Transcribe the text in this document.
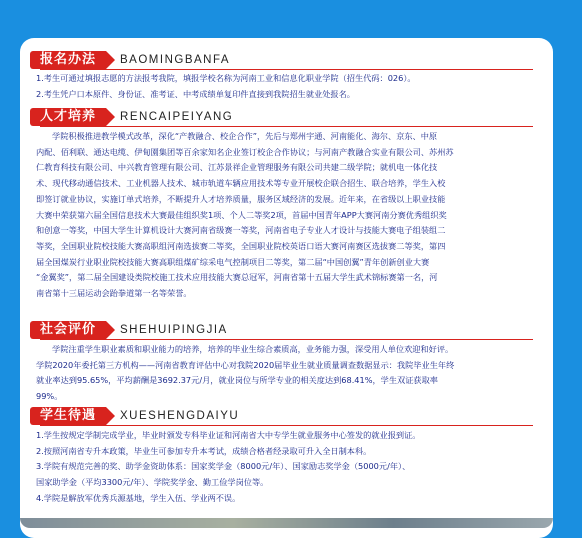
报名办法	BAOMINGBANFA
1.考生可通过填报志愿的方法报考我院，填报学校名称为河南工业和信息化职业学院（招生代码：026）。
2.考生凭户口本原件、身份证、准考证、中考成绩单复印件直接到我院招生就业处报名。
人才培养	RENCAIPEIYANG
学院积极推进教学模式改革，深化“产教融合、校企合作”，先后与郑州宇通、河南能化、海尔、京东、中原
内配、佰利联、通达电缆、伊甸園集团等百余家知名企业签订校企合作协议；与河南产教融合实业有限公司、苏州苏
仁教育科技有限公司、中兴教育管理有限公司、江苏景祥企业管理服务有限公司共建二级学院；就机电一体化技
术、现代移动通信技术、工业机器人技术、城市轨道车辆应用技术等专业开展校企联合招生、联合培养，学生入校
即签订就业协议，实施订单式培养，不断提升人才培养质量，服务区域经济的发展。近年来，在省级以上职业技能
大赛中荣获第六届全国信息技术大赛最佳组织奖1项、个人二等奖2项，首届中国青年APP大赛河南分赛优秀组织奖
和创意一等奖，中国大学生计算机设计大赛河南省级赛一等奖，河南省电子专业人才设计与技能大赛电子组装组二
等奖，全国职业院校技能大赛高职组河南选拔赛二等奖，全国职业院校英语口语大赛河南赛区选拔赛二等奖，第四
届全国煤炭行业职业院校技能大赛高职组煤矿综采电气控制项目二等奖，第二届“中国创翼”青年创新创业大赛
“金翼奖”，第二届全国建设类院校施工技术应用技能大赛总冠军，河南省第十五届大学生武术锦标赛第一名，河
南省第十三届运动会跆拳道第一名等荣誉。
社会评价	SHEHUIPINGJIA
学院注重学生职业素质和职业能力的培养，培养的毕业生综合素质高，业务能力强，深受用人单位欢迎和好评。
学院2020年委托第三方机构——河南省教育评估中心对我院2020届毕业生就业质量调查数据显示：我院毕业生年终
就业率达到95.65%，平均薪酬是3692.37元/月，就业岗位与所学专业的相关度达到68.41%，学生双证获取率
99%。
学生待遇	XUESHENGDAIYU
1.学生按规定学制完成学业，毕业时颁发专科毕业证和河南省大中专学生就业服务中心签发的就业报到证。
2.按照河南省专升本政策，毕业生可参加专升本考试，成绩合格者经录取可升入全日制本科。
3.学院有规范完善的奖、助学金资助体系：国家奖学金（8000元/年）、国家励志奖学金（5000元/年）、
国家助学金（平均3300元/年）、学院奖学金、勤工俭学岗位等。
4.学院是解放军优秀兵源基地，学生入伍、学业两不误。
